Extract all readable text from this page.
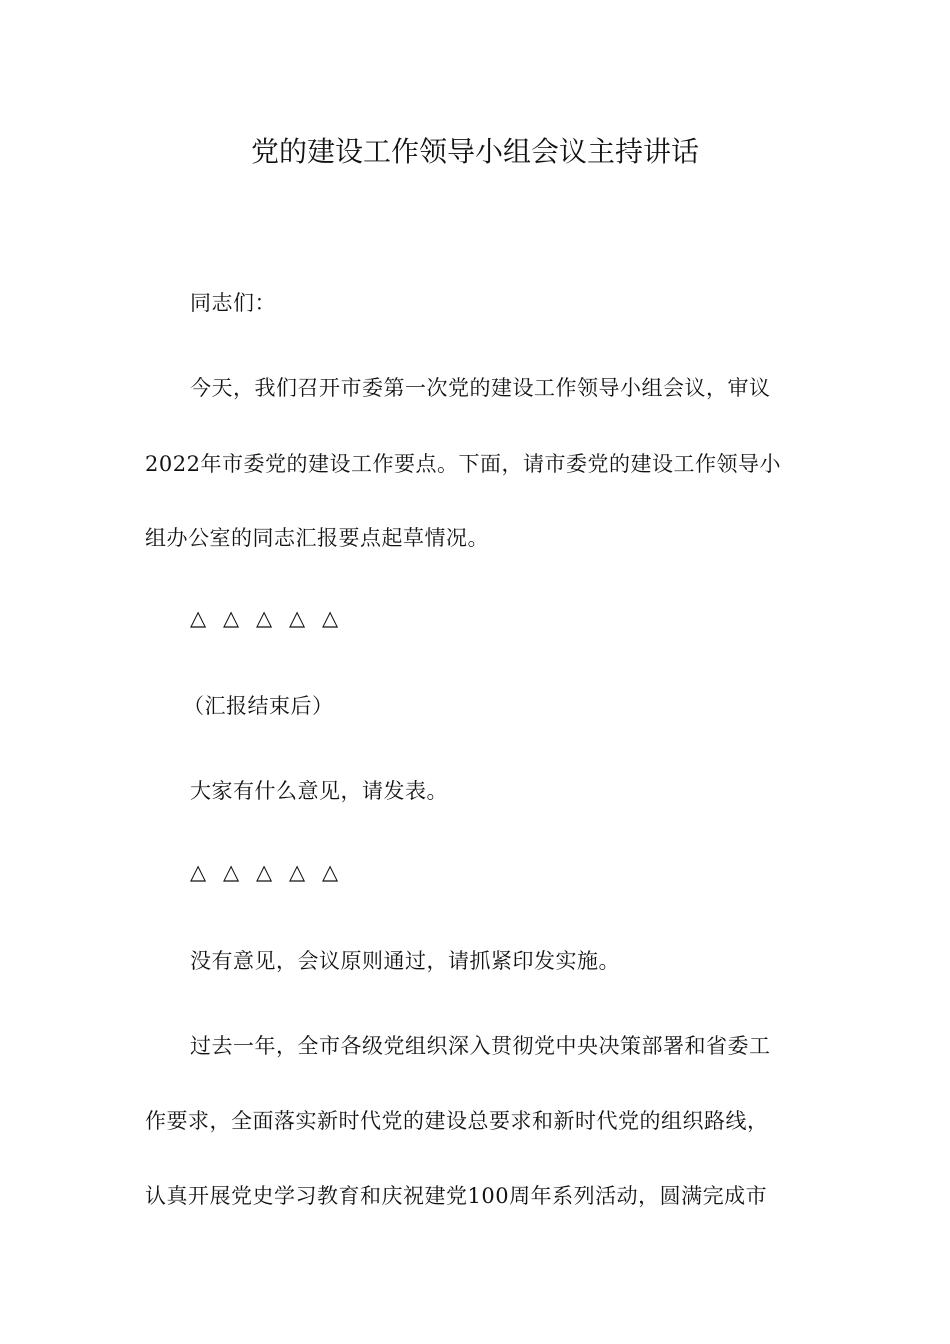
党的建设工作领导小组会议主持讲话
同志们：
今天，我们召开市委第一次党的建设工作领导小组会议，审议
2022年市委党的建设工作要点。下面，请市委党的建设工作领导小
组办公室的同志汇报要点起草情况。
△ △ △ △ △
（汇报结束后）
大家有什么意见，请发表。
△ △ △ △ △
没有意见，会议原则通过，请抓紧印发实施。
过去一年，全市各级党组织深入贯彻党中央决策部署和省委工
作要求，全面落实新时代党的建设总要求和新时代党的组织路线，
认真开展党史学习教育和庆祝建党100周年系列活动，圆满完成市
